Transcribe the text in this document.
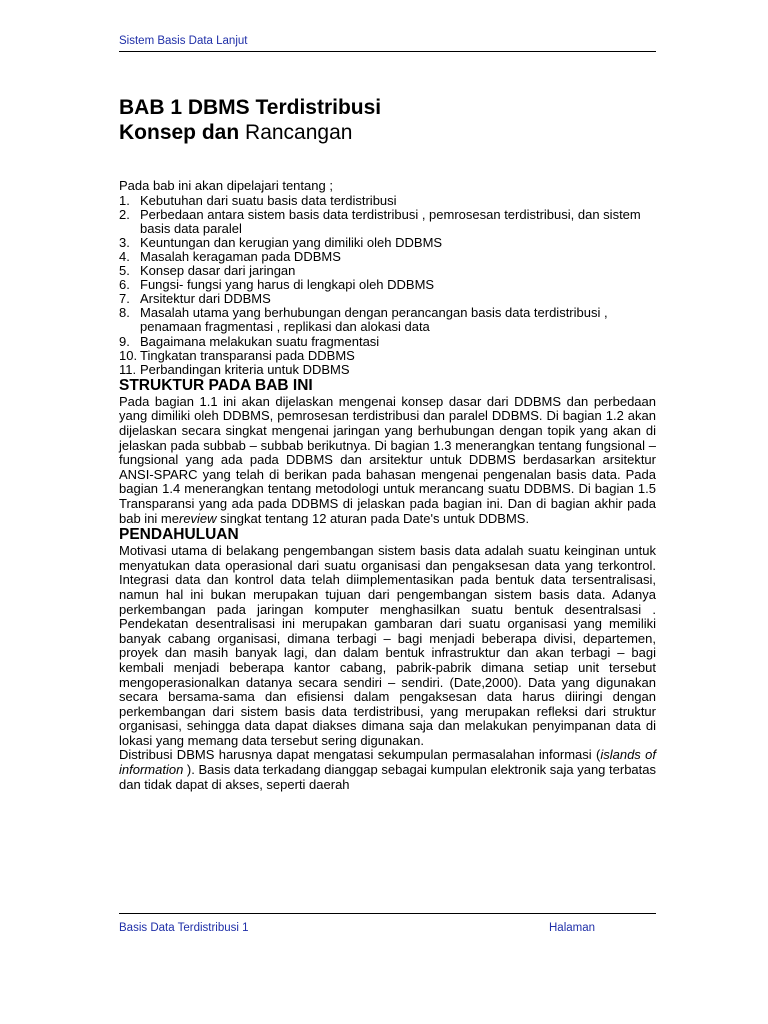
Sistem Basis Data Lanjut
BAB 1 DBMS Terdistribusi
Konsep dan Rancangan
Pada bab ini akan dipelajari tentang ;
1. Kebutuhan dari suatu basis data terdistribusi
2. Perbedaan antara sistem basis data terdistribusi , pemrosesan terdistribusi, dan sistem basis data paralel
3. Keuntungan dan kerugian yang dimiliki oleh DDBMS
4. Masalah keragaman pada DDBMS
5. Konsep dasar dari jaringan
6. Fungsi- fungsi yang harus di lengkapi oleh DDBMS
7. Arsitektur dari DDBMS
8. Masalah utama yang berhubungan dengan perancangan basis data terdistribusi , penamaan fragmentasi , replikasi dan alokasi data
9. Bagaimana melakukan suatu fragmentasi
10. Tingkatan transparansi pada DDBMS
11. Perbandingan kriteria untuk DDBMS
STRUKTUR PADA BAB INI

Pada bagian 1.1 ini akan dijelaskan mengenai konsep dasar dari DDBMS dan perbedaan yang dimiliki oleh DDBMS, pemrosesan terdistribusi dan paralel DDBMS. Di bagian 1.2 akan dijelaskan secara singkat mengenai jaringan yang berhubungan dengan topik yang akan di jelaskan pada subbab – subbab berikutnya. Di bagian 1.3 menerangkan tentang fungsional – fungsional yang ada pada DDBMS dan arsitektur untuk DDBMS berdasarkan arsitektur ANSI-SPARC yang telah di berikan pada bahasan mengenai pengenalan basis data. Pada bagian 1.4 menerangkan tentang metodologi untuk merancang suatu DDBMS. Di bagian 1.5 Transparansi yang ada pada DDBMS di jelaskan pada bagian ini. Dan di bagian akhir pada bab ini mereview singkat tentang 12 aturan pada Date's untuk DDBMS.

PENDAHULUAN

Motivasi utama di belakang pengembangan sistem basis data adalah suatu keinginan untuk menyatukan data operasional dari suatu organisasi dan pengaksesan data yang terkontrol. Integrasi data dan kontrol data telah diimplementasikan pada bentuk data tersentralisasi, namun hal ini bukan merupakan tujuan dari pengembangan sistem basis data. Adanya perkembangan pada jaringan komputer menghasilkan suatu bentuk desentralsasi . Pendekatan desentralisasi ini merupakan gambaran dari suatu organisasi yang memiliki banyak cabang organisasi, dimana terbagi – bagi menjadi beberapa divisi, departemen, proyek dan masih banyak lagi, dan dalam bentuk infrastruktur dan akan terbagi – bagi kembali menjadi beberapa kantor cabang, pabrik-pabrik dimana setiap unit tersebut mengoperasionalkan datanya secara sendiri – sendiri. (Date,2000). Data yang digunakan secara bersama-sama dan efisiensi dalam pengaksesan data harus diiringi dengan perkembangan dari sistem basis data terdistribusi, yang merupakan refleksi dari struktur organisasi, sehingga data dapat diakses dimana saja dan melakukan penyimpanan data di lokasi yang memang data tersebut sering digunakan.

Distribusi DBMS harusnya dapat mengatasi sekumpulan permasalahan informasi (islands of information ). Basis data terkadang dianggap sebagai kumpulan elektronik saja yang terbatas dan tidak dapat di akses, seperti daerah

Basis Data Terdistribusi 1	Halaman
